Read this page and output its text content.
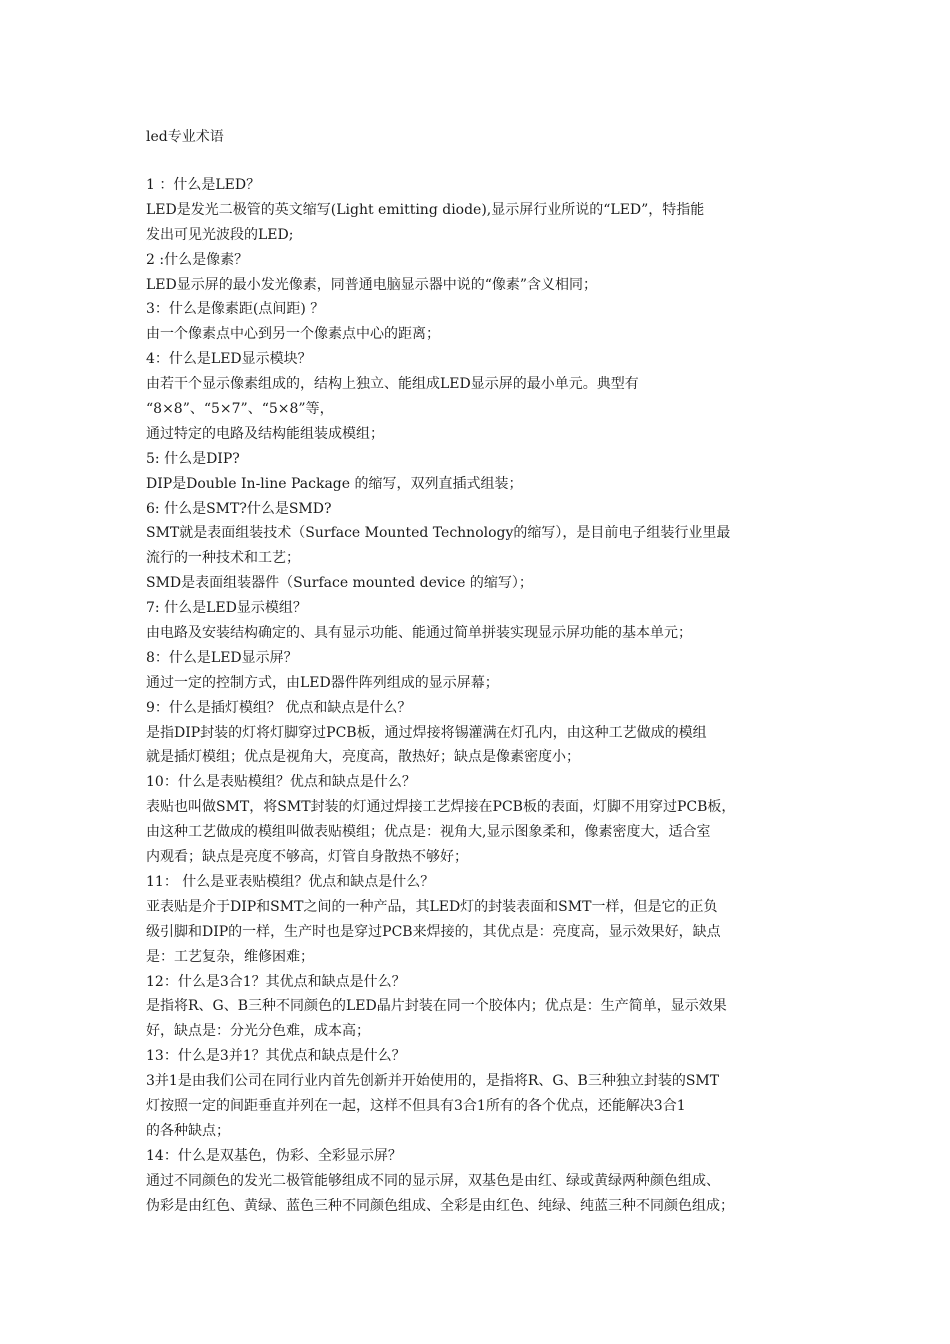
led专业术语
1 ：什么是LED？
LED是发光二极管的英文缩写(Light emitting diode),显示屏行业所说的“LED”，特指能
发出可见光波段的LED;
2 :什么是像素？
LED显示屏的最小发光像素，同普通电脑显示器中说的“像素”含义相同；
3：什么是像素距(点间距) ？
由一个像素点中心到另一个像素点中心的距离；
4：什么是LED显示模块？
由若干个显示像素组成的，结构上独立、能组成LED显示屏的最小单元。典型有
“8×8”、“5×7”、“5×8”等，
通过特定的电路及结构能组装成模组；
5: 什么是DIP?
DIP是Double In-line Package 的缩写，双列直插式组装；
6: 什么是SMT?什么是SMD?
SMT就是表面组装技术（Surface Mounted Technology的缩写），是目前电子组装行业里最
流行的一种技术和工艺；
SMD是表面组装器件（Surface mounted device 的缩写）；
7: 什么是LED显示模组？
由电路及安装结构确定的、具有显示功能、能通过简单拼装实现显示屏功能的基本单元；
8：什么是LED显示屏？
通过一定的控制方式，由LED器件阵列组成的显示屏幕；
9：什么是插灯模组？ 优点和缺点是什么？
是指DIP封装的灯将灯脚穿过PCB板，通过焊接将锡灌满在灯孔内，由这种工艺做成的模组
就是插灯模组；优点是视角大，亮度高，散热好；缺点是像素密度小；
10：什么是表贴模组？优点和缺点是什么？
表贴也叫做SMT，将SMT封装的灯通过焊接工艺焊接在PCB板的表面，灯脚不用穿过PCB板，
由这种工艺做成的模组叫做表贴模组；优点是：视角大,显示图象柔和，像素密度大，适合室
内观看；缺点是亮度不够高，灯管自身散热不够好；
11： 什么是亚表贴模组？优点和缺点是什么？
亚表贴是介于DIP和SMT之间的一种产品，其LED灯的封装表面和SMT一样，但是它的正负
级引脚和DIP的一样，生产时也是穿过PCB来焊接的，其优点是：亮度高，显示效果好，缺点
是：工艺复杂，维修困难；
12：什么是3合1？其优点和缺点是什么？
是指将R、G、B三种不同颜色的LED晶片封装在同一个胶体内；优点是：生产简单，显示效果
好，缺点是：分光分色难，成本高；
13：什么是3并1？其优点和缺点是什么？
3并1是由我们公司在同行业内首先创新并开始使用的，是指将R、G、B三种独立封装的SMT
灯按照一定的间距垂直并列在一起，这样不但具有3合1所有的各个优点，还能解决3合1
的各种缺点；
14：什么是双基色，伪彩、全彩显示屏？
通过不同颜色的发光二极管能够组成不同的显示屏，双基色是由红、绿或黄绿两种颜色组成、
伪彩是由红色、黄绿、蓝色三种不同颜色组成、全彩是由红色、纯绿、纯蓝三种不同颜色组成；
